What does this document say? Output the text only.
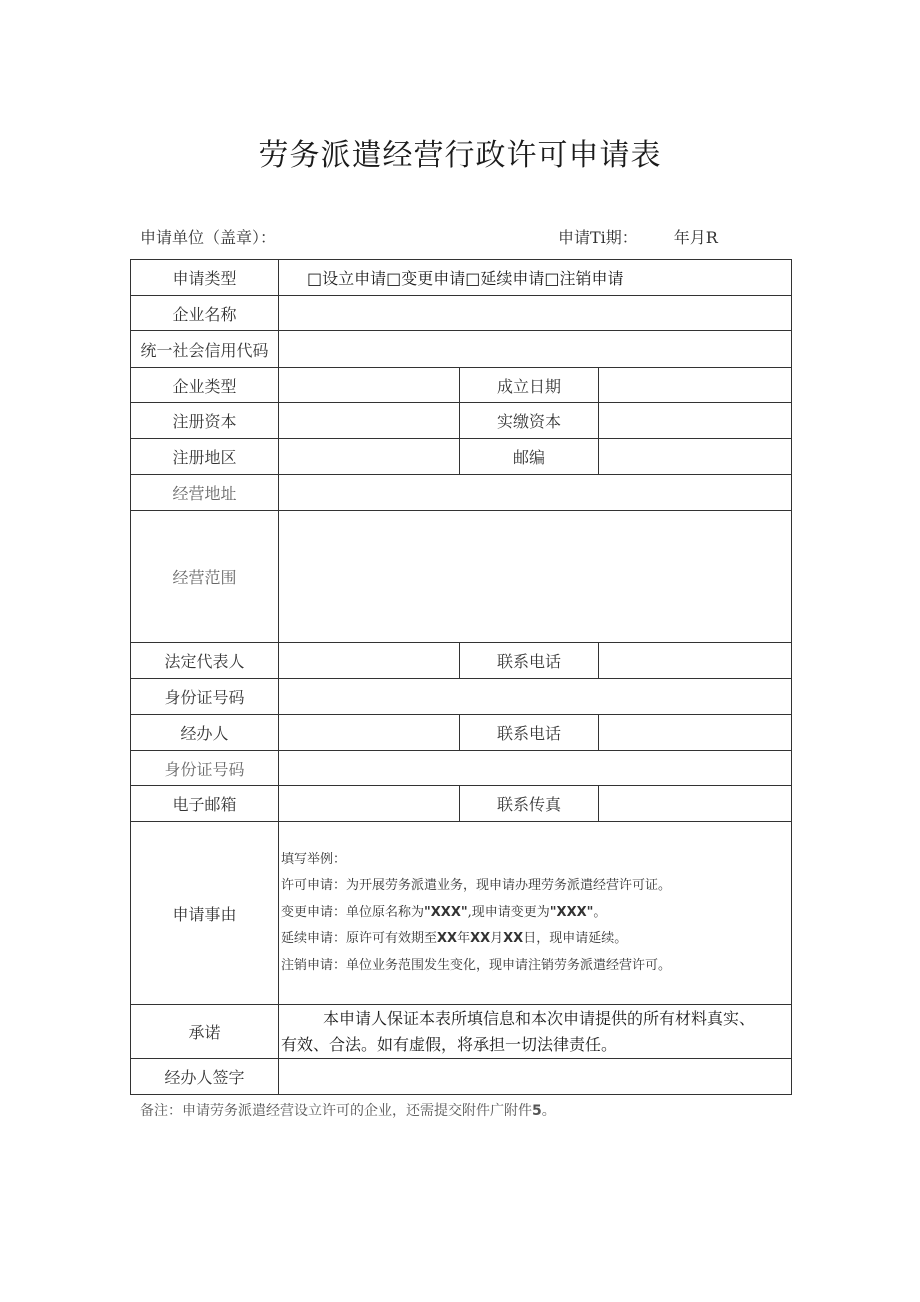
劳务派遣经营行政许可申请表
申请单位（盖章）：	申请Ti期： 年月R
申请类型	□设立申请□变更申请□延续申请□注销申请		
企业名称			
统一社会信用代码			
企业类型		成立日期	
注册资本		实缴资本	
注册地区		邮编	
经营地址			
经营范围			
法定代表人		联系电话	
身份证号码			
经办人		联系电话	
身份证号码			
电子邮箱		联系传真	
申请事由	填写举例：
许可申请：为开展劳务派遣业务，现申请办理劳务派遣经营许可证。
变更申请：单位原名称为"XXX",现申请变更为"XXX"。
延续申请：原许可有效期至XX年XX月XX日，现申请延续。
注销申请：单位业务范围发生变化，现申请注销劳务派遣经营许可。		

承诺	本申请人保证本表所填信息和本次申请提供的所有材料真实、
有效、合法。如有虚假，将承担一切法律责任。		

经办人签字			
备注：申请劳务派遣经营设立许可的企业，还需提交附件广附件5。
